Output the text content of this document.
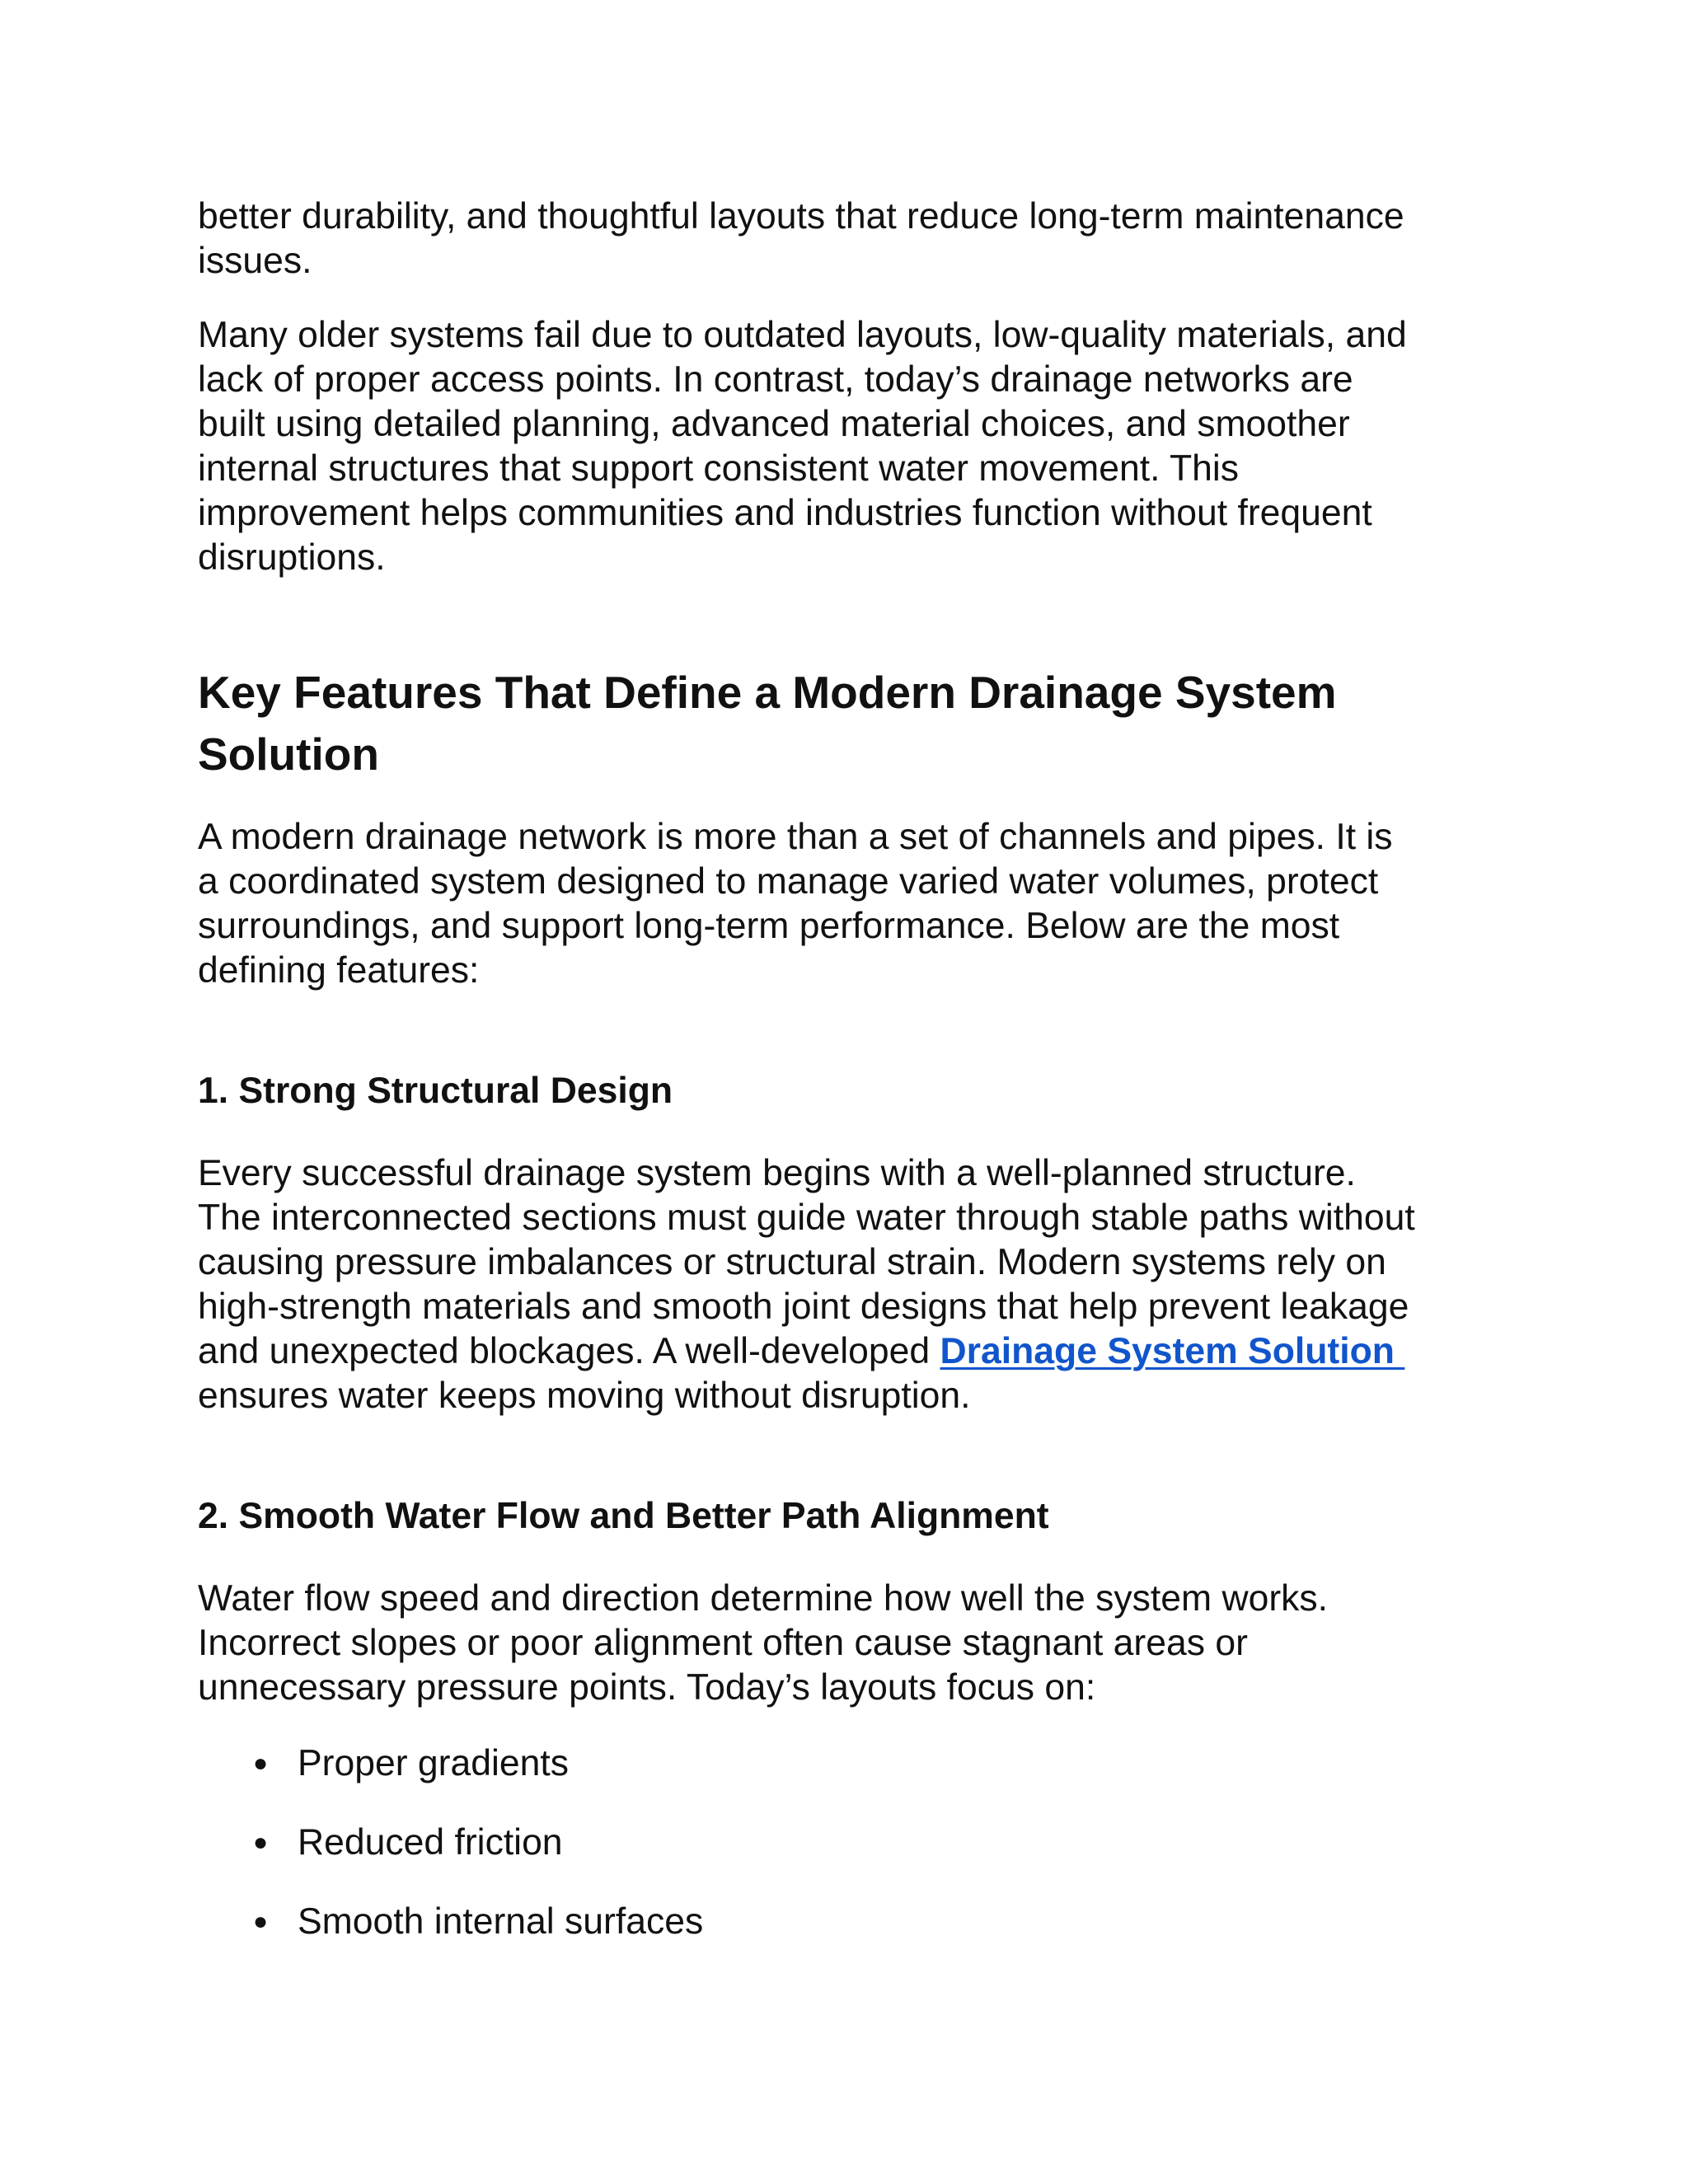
better durability, and thoughtful layouts that reduce long-term maintenance
issues.

Many older systems fail due to outdated layouts, low-quality materials, and
lack of proper access points. In contrast, today’s drainage networks are
built using detailed planning, advanced material choices, and smoother
internal structures that support consistent water movement. This
improvement helps communities and industries function without frequent
disruptions.

Key Features That Define a Modern Drainage System
Solution

A modern drainage network is more than a set of channels and pipes. It is
a coordinated system designed to manage varied water volumes, protect
surroundings, and support long-term performance. Below are the most
defining features:

1. Strong Structural Design

Every successful drainage system begins with a well-planned structure.
The interconnected sections must guide water through stable paths without
causing pressure imbalances or structural strain. Modern systems rely on
high-strength materials and smooth joint designs that help prevent leakage
and unexpected blockages. A well-developed Drainage System Solution
ensures water keeps moving without disruption.

2. Smooth Water Flow and Better Path Alignment

Water flow speed and direction determine how well the system works.
Incorrect slopes or poor alignment often cause stagnant areas or
unnecessary pressure points. Today’s layouts focus on:

● Proper gradients
● Reduced friction
● Smooth internal surfaces
